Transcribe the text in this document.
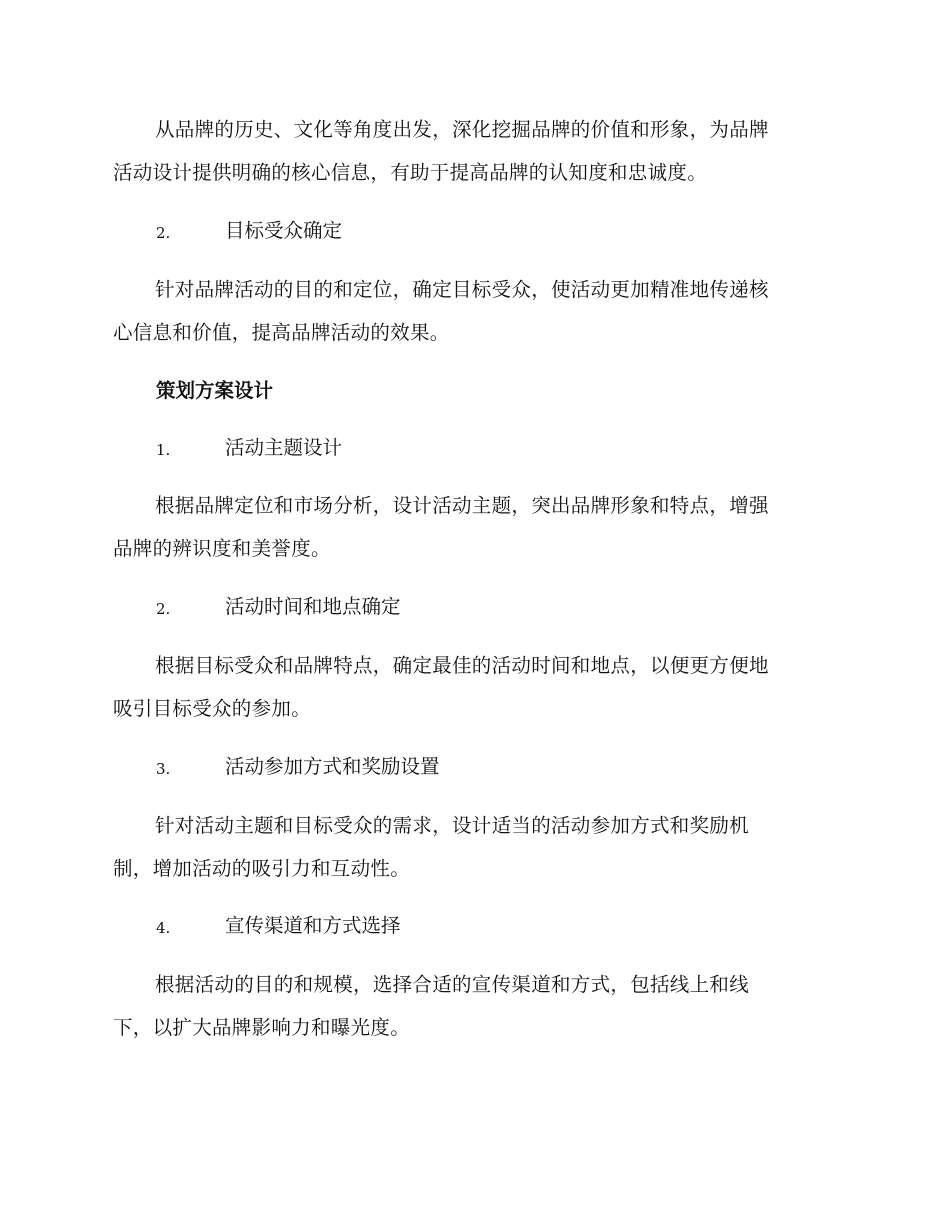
从品牌的历史、文化等角度出发，深化挖掘品牌的价值和形象，为品牌
活动设计提供明确的核心信息，有助于提高品牌的认知度和忠诚度。
2.	目标受众确定
针对品牌活动的目的和定位，确定目标受众，使活动更加精准地传递核
心信息和价值，提高品牌活动的效果。
策划方案设计
1.	活动主题设计
根据品牌定位和市场分析，设计活动主题，突出品牌形象和特点，增强
品牌的辨识度和美誉度。
2.	活动时间和地点确定
根据目标受众和品牌特点，确定最佳的活动时间和地点，以便更方便地
吸引目标受众的参加。
3.	活动参加方式和奖励设置
针对活动主题和目标受众的需求，设计适当的活动参加方式和奖励机
制，增加活动的吸引力和互动性。
4.	宣传渠道和方式选择
根据活动的目的和规模，选择合适的宣传渠道和方式，包括线上和线
下，以扩大品牌影响力和曝光度。
